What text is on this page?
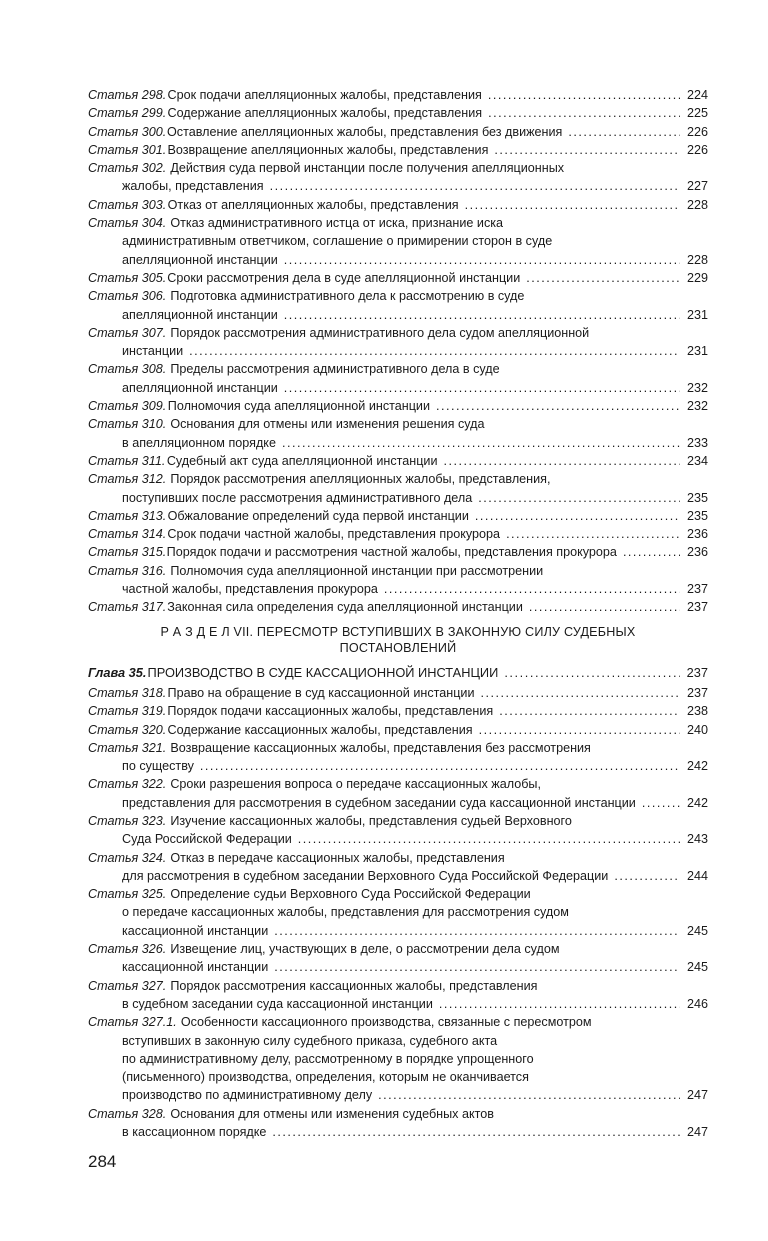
Статья 298. Срок подачи апелляционных жалобы, представления . . .	224
Статья 299. Содержание апелляционных жалобы, представления . . .	225
Статья 300. Оставление апелляционных жалобы, представления без движения . . .	226
Статья 301. Возвращение апелляционных жалобы, представления . . .	226
Статья 302. Действия суда первой инстанции после получения апелляционных
жалобы, представления . . .	227
Статья 303. Отказ от апелляционных жалобы, представления . . .	228
Статья 304. Отказ административного истца от иска, признание иска
административным ответчиком, соглашение о примирении сторон в суде
апелляционной инстанции . . .	228
Статья 305. Сроки рассмотрения дела в суде апелляционной инстанции . . .	229
Статья 306. Подготовка административного дела к рассмотрению в суде
апелляционной инстанции . . .	231
Статья 307. Порядок рассмотрения административного дела судом апелляционной
инстанции . . .	231
Статья 308. Пределы рассмотрения административного дела в суде
апелляционной инстанции . . .	232
Статья 309. Полномочия суда апелляционной инстанции . . .	232
Статья 310. Основания для отмены или изменения решения суда
в апелляционном порядке . . .	233
Статья 311. Судебный акт суда апелляционной инстанции . . .	234
Статья 312. Порядок рассмотрения апелляционных жалобы, представления,
поступивших после рассмотрения административного дела . . .	235
Статья 313. Обжалование определений суда первой инстанции . . .	235
Статья 314. Срок подачи частной жалобы, представления прокурора . . .	236
Статья 315. Порядок подачи и рассмотрения частной жалобы, представления прокурора . . .	236
Статья 316. Полномочия суда апелляционной инстанции при рассмотрении
частной жалобы, представления прокурора . . .	237
Статья 317. Законная сила определения суда апелляционной инстанции . . .	237
Р А З Д Е Л VII. ПЕРЕСМОТР ВСТУПИВШИХ В ЗАКОННУЮ СИЛУ СУДЕБНЫХ
ПОСТАНОВЛЕНИЙ
Глава 35. ПРОИЗВОДСТВО В СУДЕ КАССАЦИОННОЙ ИНСТАНЦИИ . . .	237
Статья 318. Право на обращение в суд кассационной инстанции . . .	237
Статья 319. Порядок подачи кассационных жалобы, представления . . .	238
Статья 320. Содержание кассационных жалобы, представления . . .	240
Статья 321. Возвращение кассационных жалобы, представления без рассмотрения
по существу . . .	242
Статья 322. Сроки разрешения вопроса о передаче кассационных жалобы,
представления для рассмотрения в судебном заседании суда кассационной инстанции . . .	242
Статья 323. Изучение кассационных жалобы, представления судьей Верховного
Суда Российской Федерации . . .	243
Статья 324. Отказ в передаче кассационных жалобы, представления
для рассмотрения в судебном заседании Верховного Суда Российской Федерации . . .	244
Статья 325. Определение судьи Верховного Суда Российской Федерации
о передаче кассационных жалобы, представления для рассмотрения судом
кассационной инстанции . . .	245
Статья 326. Извещение лиц, участвующих в деле, о рассмотрении дела судом
кассационной инстанции . . .	245
Статья 327. Порядок рассмотрения кассационных жалобы, представления
в судебном заседании суда кассационной инстанции . . .	246
Статья 327.1. Особенности кассационного производства, связанные с пересмотром
вступивших в законную силу судебного приказа, судебного акта
по административному делу, рассмотренному в порядке упрощенного
(письменного) производства, определения, которым не оканчивается
производство по административному делу . . .	247
Статья 328. Основания для отмены или изменения судебных актов
в кассационном порядке . . .	247
284
